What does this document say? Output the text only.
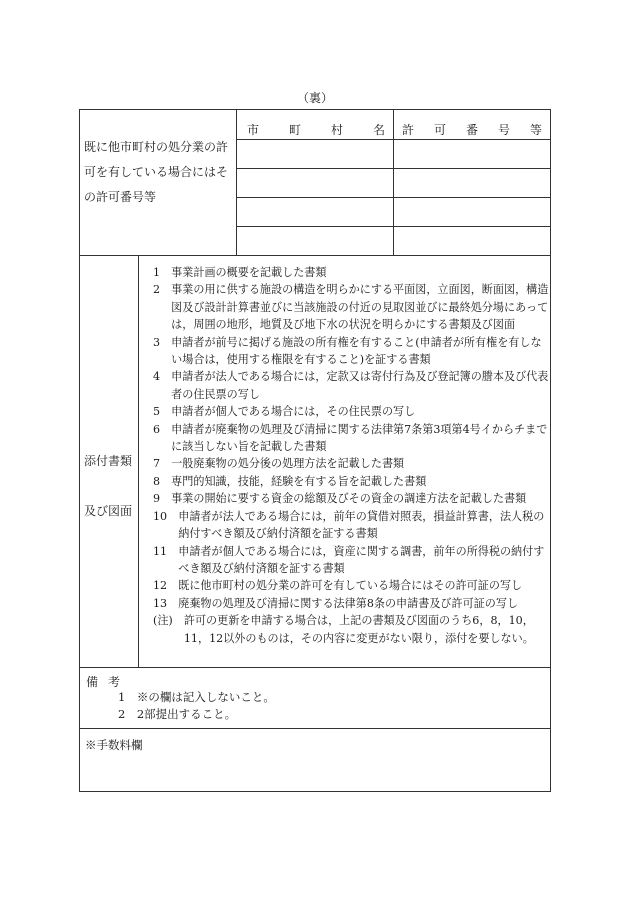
（裏）
既に他市町村の処分業の許可を有している場合にはその許可番号等
市 町 村 名 許 可 番 号 等
添付書類
及び図面
1　 事業計画の概要を記載した書類
2　 事業の用に供する施設の構造を明らかにする平面図，立面図，断面図，構造図及び設計計算書並びに当該施設の付近の見取図並びに最終処分場にあっては，周囲の地形，地質及び地下水の状況を明らかにする書類及び図面
3　 申請者が前号に掲げる施設の所有権を有すること(申請者が所有権を有しない場合は，使用する権限を有すること)を証する書類
4　 申請者が法人である場合には，定款又は寄付行為及び登記簿の謄本及び代表者の住民票の写し
5　 申請者が個人である場合には，その住民票の写し
6　 申請者が廃棄物の処理及び清掃に関する法律第7条第3項第4号イからチまでに該当しない旨を記載した書類
7　 一般廃棄物の処分後の処理方法を記載した書類
8　 専門的知識，技能，経験を有する旨を記載した書類
9　 事業の開始に要する資金の総額及びその資金の調達方法を記載した書類
10　 申請者が法人である場合には，前年の貸借対照表，損益計算書，法人税の納付すべき額及び納付済額を証する書類
11　 申請者が個人である場合には，資産に関する調書，前年の所得税の納付すべき額及び納付済額を証する書類
12　 既に他市町村の処分業の許可を有している場合にはその許可証の写し
13　 廃棄物の処理及び清掃に関する法律第8条の申請書及び許可証の写し
(注)　 許可の更新を申請する場合は，上記の書類及び図面のうち6，8，10，11，12以外のものは，その内容に変更がない限り，添付を要しない。
備考
1　※の欄は記入しないこと。
2　2部提出すること。
※手数料欄
